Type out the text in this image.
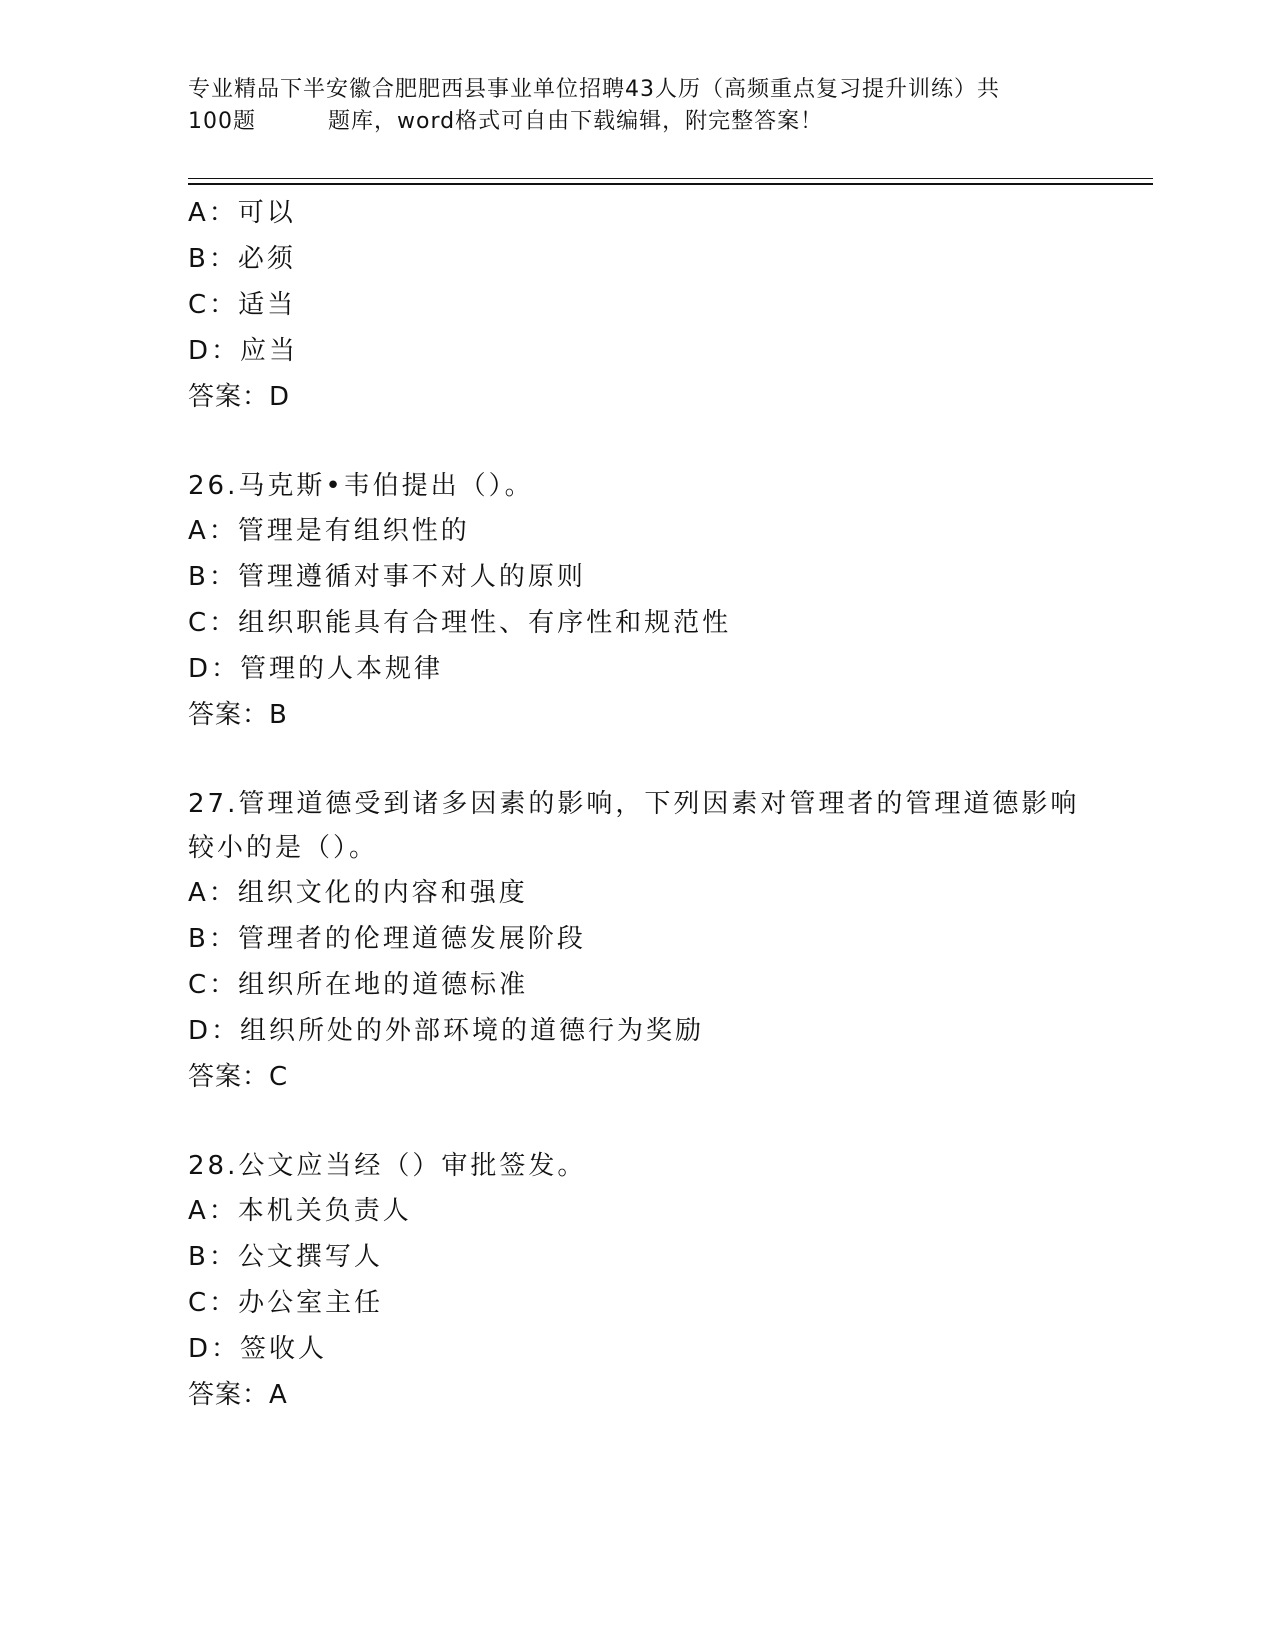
专业精品下半安徽合肥肥西县事业单位招聘43人历（高频重点复习提升训练）共
100题	题库，word格式可自由下载编辑，附完整答案！
A：可以
B：必须
C：适当
D：应当
答案：D
26.马克斯•韦伯提出（）。
A：管理是有组织性的
B：管理遵循对事不对人的原则
C：组织职能具有合理性、有序性和规范性
D：管理的人本规律
答案：B
27.管理道德受到诸多因素的影响，下列因素对管理者的管理道德影响
较小的是（）。
A：组织文化的内容和强度
B：管理者的伦理道德发展阶段
C：组织所在地的道德标准
D：组织所处的外部环境的道德行为奖励
答案：C
28.公文应当经（）审批签发。
A：本机关负责人
B：公文撰写人
C：办公室主任
D：签收人
答案：A
